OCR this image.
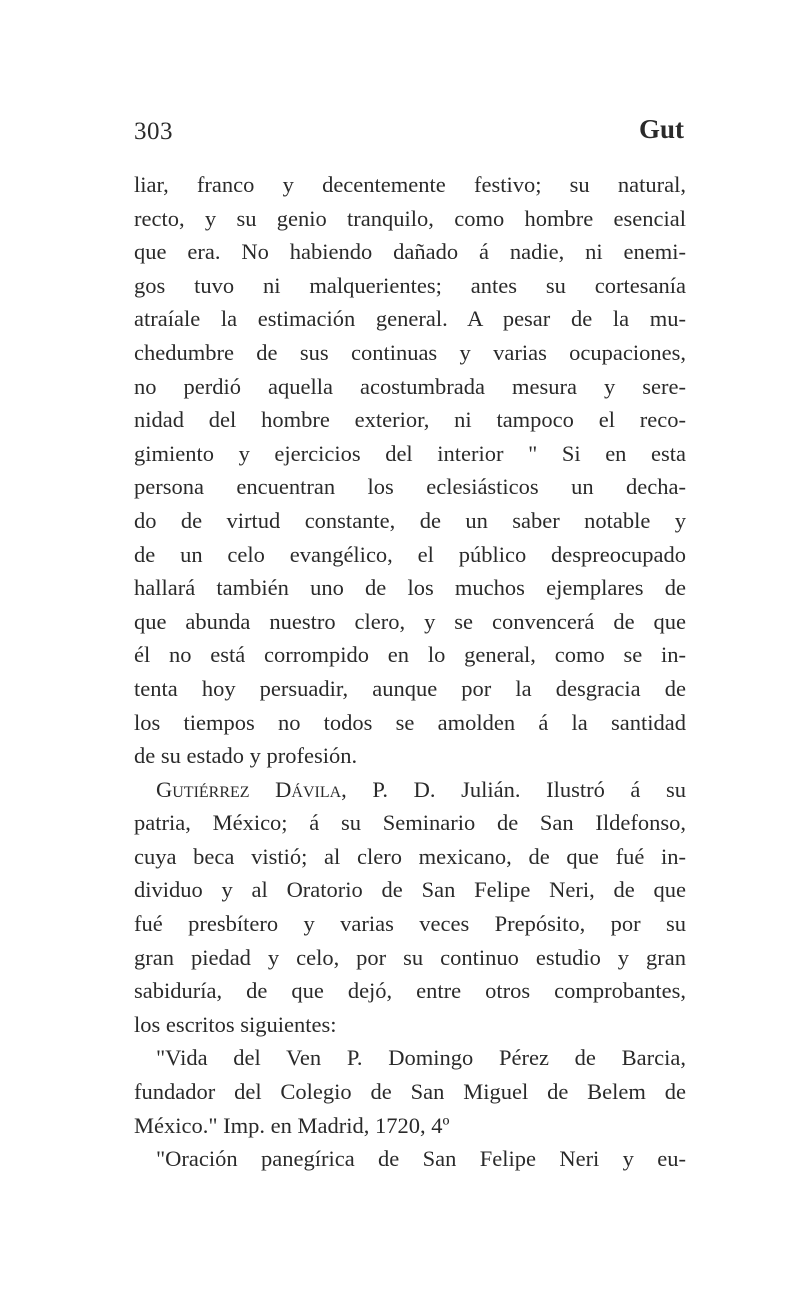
303	Gut
liar, franco y decentemente festivo; su natural,
recto, y su genio tranquilo, como hombre esencial
que era. No habiendo dañado á nadie, ni enemi-
gos tuvo ni malquerientes; antes su cortesanía
atraíale la estimación general. A pesar de la mu-
chedumbre de sus continuas y varias ocupaciones,
no perdió aquella acostumbrada mesura y sere-
nidad del hombre exterior, ni tampoco el reco-
gimiento y ejercicios del interior " Si en esta
persona encuentran los eclesiásticos un decha-
do de virtud constante, de un saber notable y
de un celo evangélico, el público despreocupado
hallará también uno de los muchos ejemplares de
que abunda nuestro clero, y se convencerá de que
él no está corrompido en lo general, como se in-
tenta hoy persuadir, aunque por la desgracia de
los tiempos no todos se amolden á la santidad
de su estado y profesión.
Gutiérrez Dávila, P. D. Julián. Ilustró á su
patria, México; á su Seminario de San Ildefonso,
cuya beca vistió; al clero mexicano, de que fué in-
dividuo y al Oratorio de San Felipe Neri, de que
fué presbítero y varias veces Prepósito, por su
gran piedad y celo, por su continuo estudio y gran
sabiduría, de que dejó, entre otros comprobantes,
los escritos siguientes:
"Vida del Ven P. Domingo Pérez de Barcia,
fundador del Colegio de San Miguel de Belem de
México." Imp. en Madrid, 1720, 4º
"Oración panegírica de San Felipe Neri y eu-
